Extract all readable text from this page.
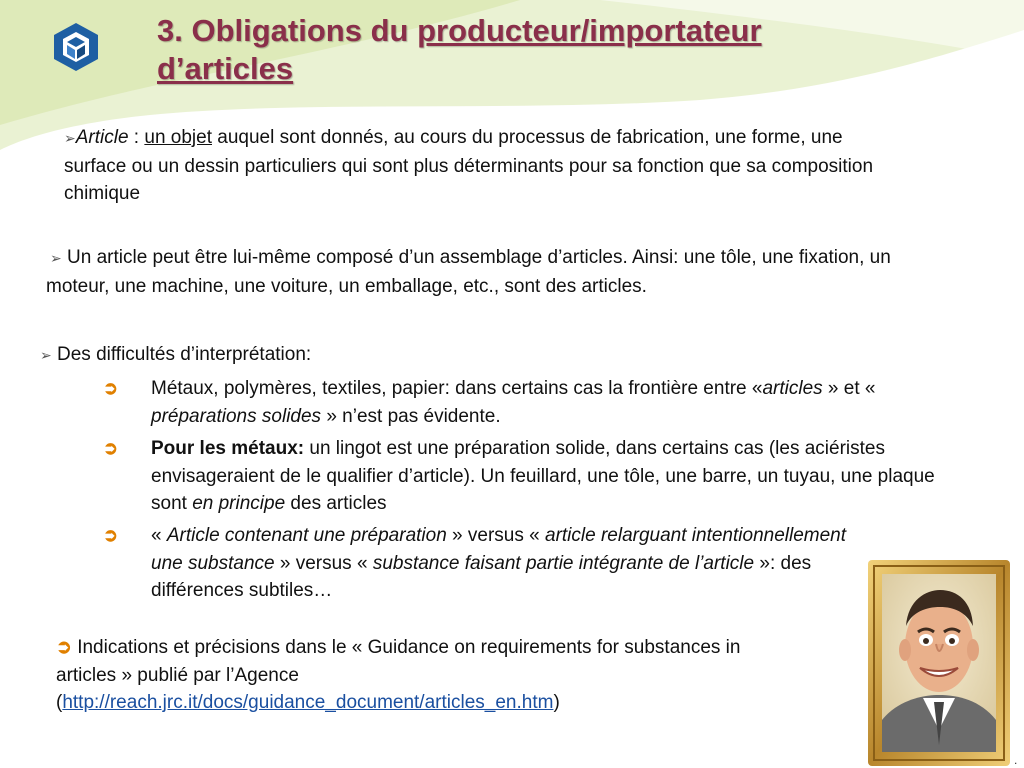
3. Obligations du producteur/importateur
d’articles

➢Article : un objet auquel sont donnés, au cours du processus de fabrication, une forme, une surface ou un dessin particuliers qui sont plus déterminants pour sa fonction que sa composition chimique

➢ Un article peut être lui-même composé d’un assemblage d’articles. Ainsi: une tôle, une fixation, un moteur, une machine, une voiture, un emballage, etc., sont des articles.

➢ Des difficultés d’interprétation:

➲ Métaux, polymères, textiles, papier: dans certains cas la frontière entre «articles » et « préparations solides » n’est pas évidente.
➲ Pour les métaux: un lingot est une préparation solide, dans certains cas (les aciéristes envisageraient de le qualifier d’article). Un feuillard, une tôle, une barre, un tuyau, une plaque sont en principe des articles
➲ « Article contenant une préparation » versus « article relarguant intentionnellement une substance » versus « substance faisant partie intégrante de l’article »: des différences subtiles…

➲ Indications et précisions dans le « Guidance on requirements for substances in articles » publié par l’Agence
(http://reach.jrc.it/docs/guidance_document/articles_en.htm)

.
